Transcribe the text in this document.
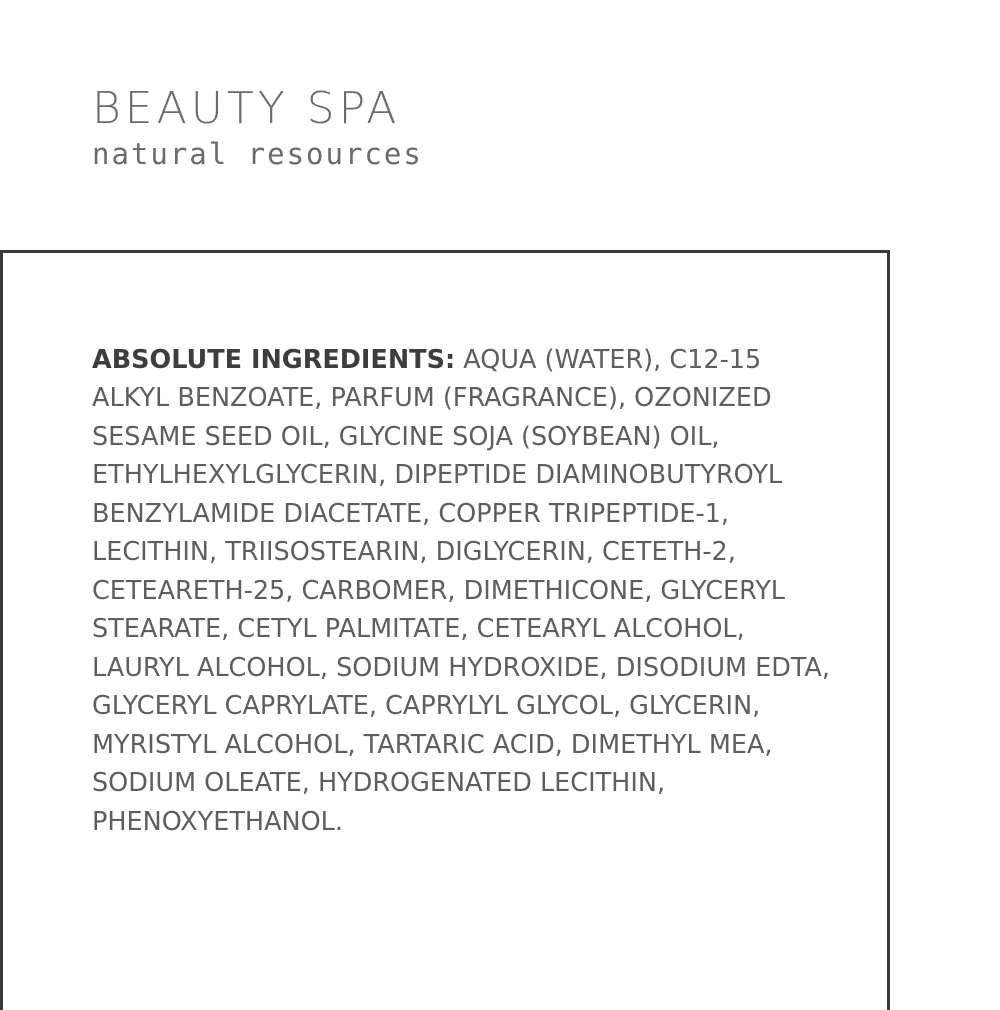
BEAUTY SPA
natural resources

ABSOLUTE INGREDIENTS: AQUA (WATER), C12-15 ALKYL BENZOATE, PARFUM (FRAGRANCE), OZONIZED SESAME SEED OIL, GLYCINE SOJA (SOYBEAN) OIL, ETHYLHEXYLGLYCERIN, DIPEPTIDE DIAMINOBUTYROYL BENZYLAMIDE DIACETATE, COPPER TRIPEPTIDE-1, LECITHIN, TRIISOSTEARIN, DIGLYCERIN, CETETH-2, CETEARETH-25, CARBOMER, DIMETHICONE, GLYCERYL STEARATE, CETYL PALMITATE, CETEARYL ALCOHOL, LAURYL ALCOHOL, SODIUM HYDROXIDE, DISODIUM EDTA, GLYCERYL CAPRYLATE, CAPRYLYL GLYCOL, GLYCERIN, MYRISTYL ALCOHOL, TARTARIC ACID, DIMETHYL MEA, SODIUM OLEATE, HYDROGENATED LECITHIN, PHENOXYETHANOL.
